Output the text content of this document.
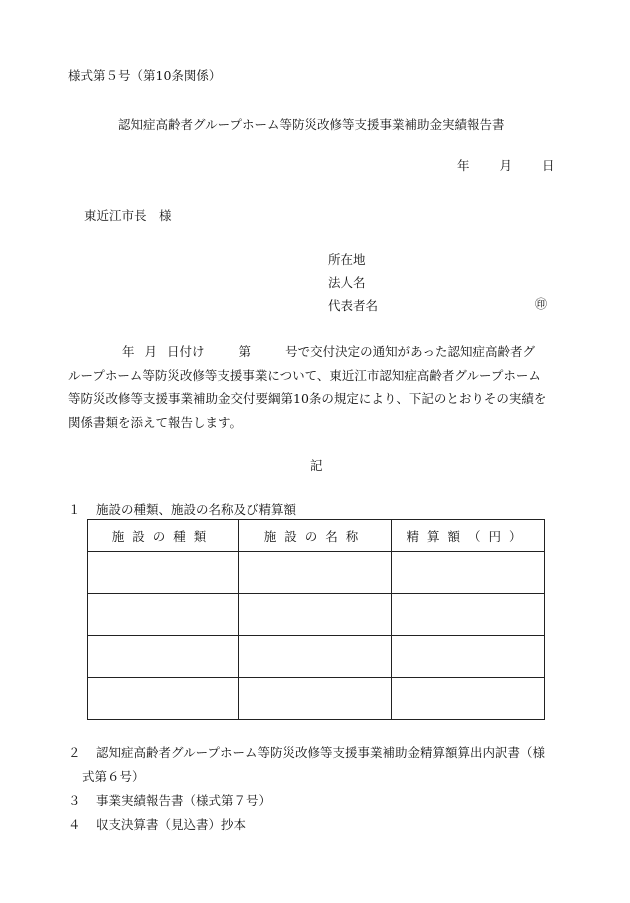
様式第５号（第10条関係）
認知症高齢者グループホーム等防災改修等支援事業補助金実績報告書
年 月 日
東近江市長　様
所在地
法人名
代表者名	㊞
年 月 日付け	第	号で交付決定の通知があった認知症高齢者グ
ループホーム等防災改修等支援事業について、東近江市認知症高齢者グループホーム
等防災改修等支援事業補助金交付要綱第10条の規定により、下記のとおりその実績を
関係書類を添えて報告します。
記
１ 施設の種類、施設の名称及び精算額
施設の種類	施設の名称	精算額（円）

２ 認知症高齢者グループホーム等防災改修等支援事業補助金精算額算出内訳書（様
式第６号）
３ 事業実績報告書（様式第７号）
４ 収支決算書（見込書）抄本
